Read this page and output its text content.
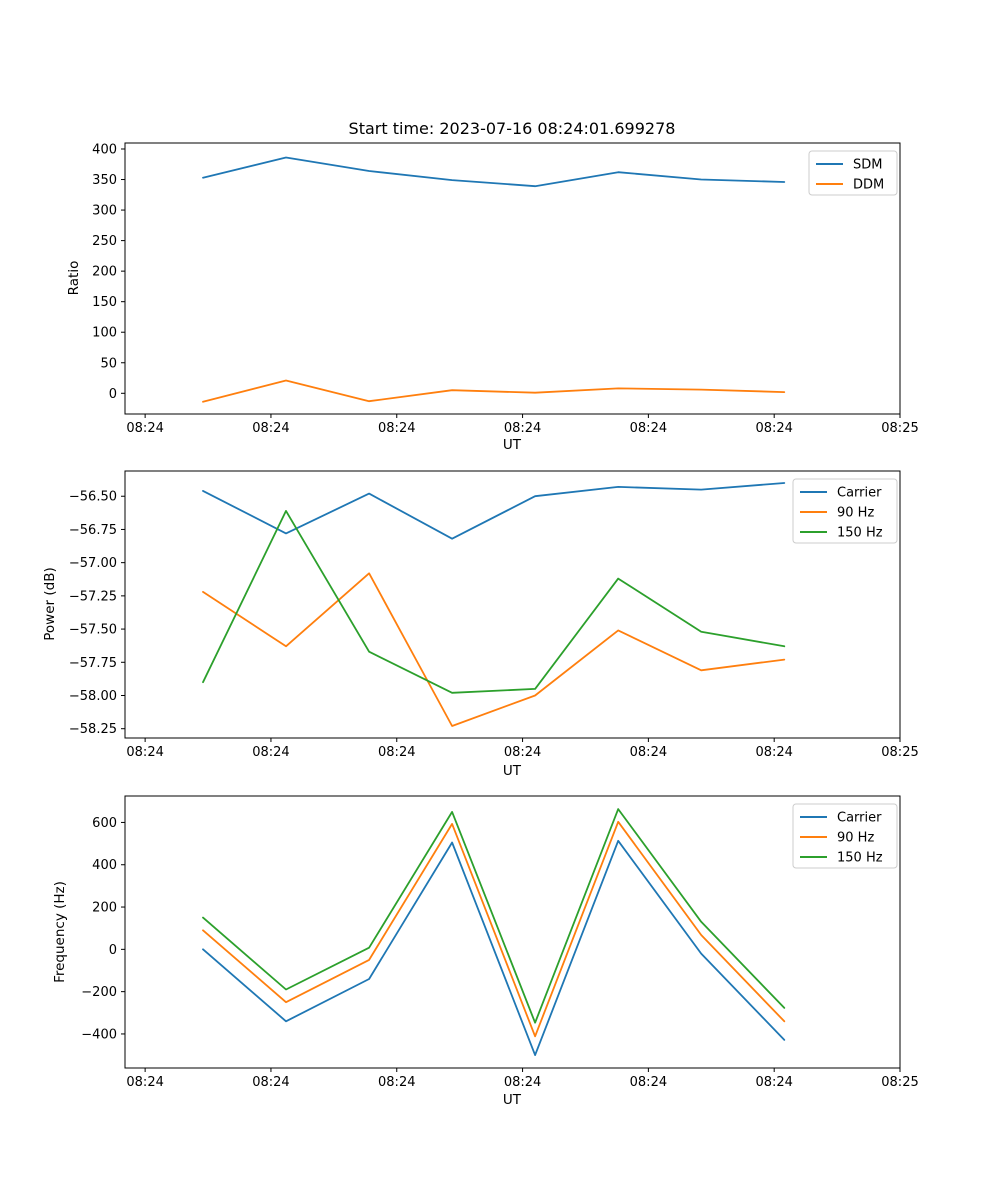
08:24	08:24	08:24	08:24	08:24	08:24	08:25
400
350
300
250
200
150
100
50
0
SDM
DDM
08:24	08:24	08:24	08:24	08:24	08:24	08:25
−56.50
−56.75
−57.00
−57.25
−57.50
−57.75
−58.00
−58.25
Carrier
90 Hz
150 Hz
08:24	08:24	08:24	08:24	08:24	08:24	08:25
600
400
200
0
−200
−400
Carrier
90 Hz
150 Hz
Start time: 2023-07-16 08:24:01.699278
Ratio
Power (dB)
Frequency (Hz)
UT
UT
UT
